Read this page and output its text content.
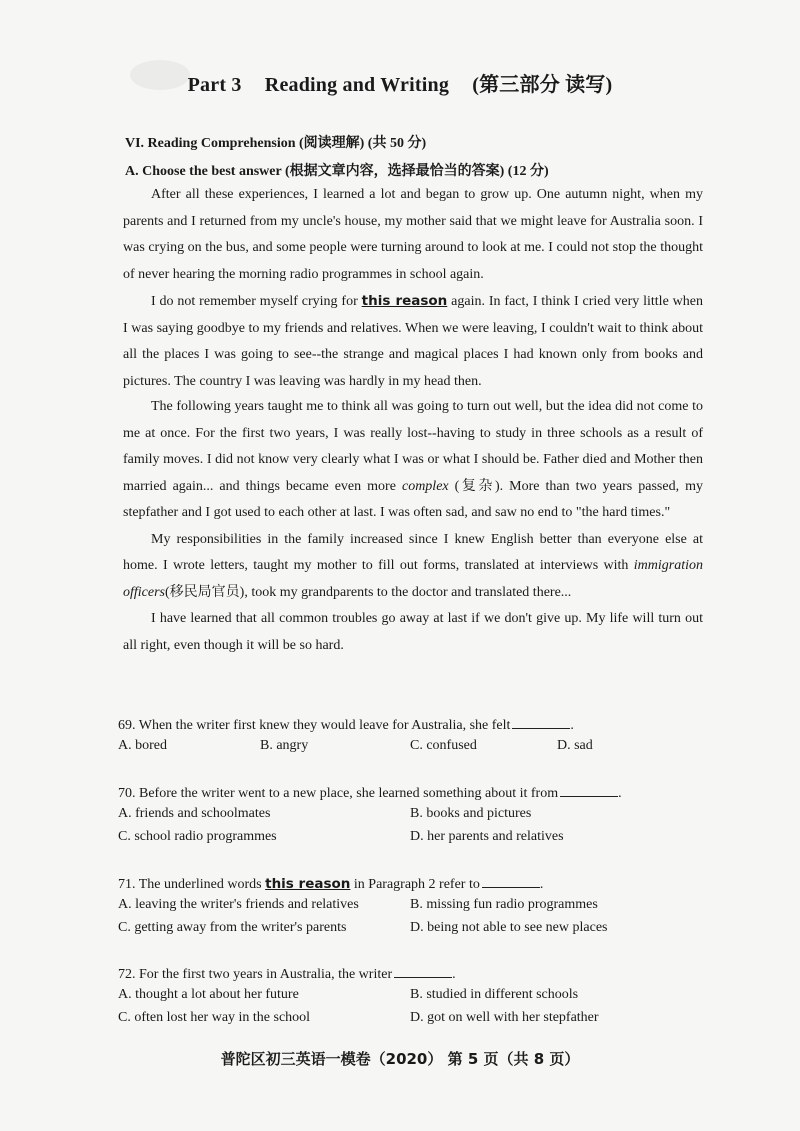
Part 3 Reading and Writing (第三部分 读写)
VI. Reading Comprehension (阅读理解) (共 50 分)
A. Choose the best answer (根据文章内容，选择最恰当的答案) (12 分)

After all these experiences, I learned a lot and began to grow up. One autumn night, when my parents and I returned from my uncle's house, my mother said that we might leave for Australia soon. I was crying on the bus, and some people were turning around to look at me. I could not stop the thought of never hearing the morning radio programmes in school again.

I do not remember myself crying for this reason again. In fact, I think I cried very little when I was saying goodbye to my friends and relatives. When we were leaving, I couldn't wait to think about all the places I was going to see--the strange and magical places I had known only from books and pictures. The country I was leaving was hardly in my head then.

The following years taught me to think all was going to turn out well, but the idea did not come to me at once. For the first two years, I was really lost--having to study in three schools as a result of family moves. I did not know very clearly what I was or what I should be. Father died and Mother then married again... and things became even more complex (复杂). More than two years passed, my stepfather and I got used to each other at last. I was often sad, and saw no end to "the hard times."

My responsibilities in the family increased since I knew English better than everyone else at home. I wrote letters, taught my mother to fill out forms, translated at interviews with immigration officers(移民局官员), took my grandparents to the doctor and translated there...

I have learned that all common troubles go away at last if we don't give up. My life will turn out all right, even though it will be so hard.

69. When the writer first knew they would leave for Australia, she felt	.
A. bored	B. angry	C. confused	D. sad
70. Before the writer went to a new place, she learned something about it from	.
A. friends and schoolmates	B. books and pictures
C. school radio programmes	D. her parents and relatives
71. The underlined words this reason in Paragraph 2 refer to	.
A. leaving the writer's friends and relatives	B. missing fun radio programmes
C. getting away from the writer's parents	D. being not able to see new places
72. For the first two years in Australia, the writer	.
A. thought a lot about her future	B. studied in different schools
C. often lost her way in the school	D. got on well with her stepfather
普陀区初三英语一模卷（2020） 第 5 页（共 8 页）
